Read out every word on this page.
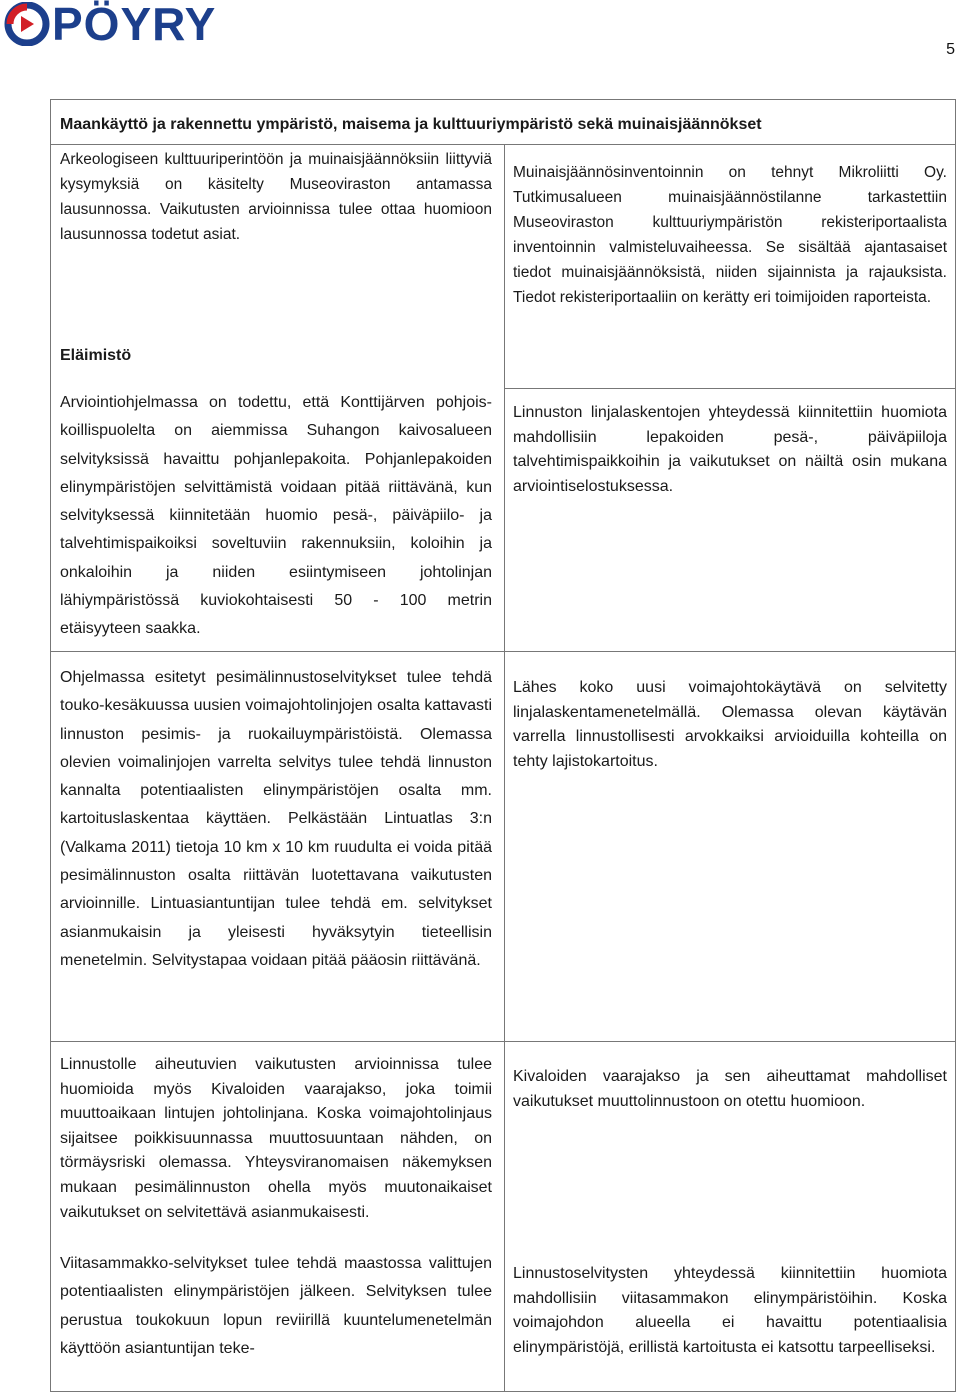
PÖYRY	5
Maankäyttö ja rakennettu ympäristö, maisema ja kulttuuriympäristö sekä muinaisjäännökset
Arkeologiseen kulttuuriperintöön ja muinaisjäännöksiin liittyviä kysymyksiä on käsitelty Museoviraston antamassa lausunnossa. Vaikutusten arvioinnissa tulee ottaa huomioon lausunnossa todetut asiat.
Muinaisjäännösinventoinnin on tehnyt Mikroliitti Oy. Tutkimusalueen muinaisjäännöstilanne tarkastettiin Museoviraston kulttuuriympäristön rekisteriportaalista inventoinnin valmisteluvaiheessa. Se sisältää ajantasaiset tiedot muinaisjäännöksistä, niiden sijainnista ja rajauksista. Tiedot rekisteriportaaliin on kerätty eri toimijoiden raporteista.
Eläimistö
Arviointiohjelmassa on todettu, että Konttijärven pohjois-koillispuolelta on aiemmissa Suhangon kaivosalueen selvityksissä havaittu pohjanlepakoita. Pohjanlepakoiden elinympäristöjen selvittämistä voidaan pitää riittävänä, kun selvityksessä kiinnitetään huomio pesä-, päiväpiilo- ja talvehtimispaikoiksi soveltuviin rakennuksiin, koloihin ja onkaloihin ja niiden esiintymiseen johtolinjan lähiympäristössä kuviokohtaisesti 50 - 100 metrin etäisyyteen saakka.
Linnuston linjalaskentojen yhteydessä kiinnitettiin huomiota mahdollisiin lepakoiden pesä-, päiväpiiloja talvehtimispaikkoihin ja vaikutukset on näiltä osin mukana arviointiselostuksessa.
Ohjelmassa esitetyt pesimälinnustoselvitykset tulee tehdä touko-kesäkuussa uusien voimajohtolinjojen osalta kattavasti linnuston pesimis- ja ruokailuympäristöistä. Olemassa olevien voimalinjojen varrelta selvitys tulee tehdä linnuston kannalta potentiaalisten elinympäristöjen osalta mm. kartoituslaskentaa käyttäen. Pelkästään Lintuatlas 3:n (Valkama 2011) tietoja 10 km x 10 km ruudulta ei voida pitää pesimälinnuston osalta riittävän luotettavana vaikutusten arvioinnille. Lintuasiantuntijan tulee tehdä em. selvitykset asianmukaisin ja yleisesti hyväksytyin tieteellisin menetelmin. Selvitystapaa voidaan pitää pääosin riittävänä.
Lähes koko uusi voimajohtokäytävä on selvitetty linjalaskentamenetelmällä. Olemassa olevan käytävän varrella linnustollisesti arvokkaiksi arvioiduilla kohteilla on tehty lajistokartoitus.
Linnustolle aiheutuvien vaikutusten arvioinnissa tulee huomioida myös Kivaloiden vaarajakso, joka toimii muuttoaikaan lintujen johtolinjana. Koska voimajohtolinjaus sijaitsee poikkisuunnassa muuttosuuntaan nähden, on törmäysriski olemassa. Yhteysviranomaisen näkemyksen mukaan pesimälinnuston ohella myös muutonaikaiset vaikutukset on selvitettävä asianmukaisesti.
Kivaloiden vaarajakso ja sen aiheuttamat mahdolliset vaikutukset muuttolinnustoon on otettu huomioon.
Viitasammakko-selvitykset tulee tehdä maastossa valittujen potentiaalisten elinympäristöjen jälkeen. Selvityksen tulee perustua toukokuun lopun reviirillä kuuntelumenetelmän käyttöön asiantuntijan teke-
Linnustoselvitysten yhteydessä kiinnitettiin huomiota mahdollisiin viitasammakon elinympäristöihin. Koska voimajohdon alueella ei havaittu potentiaalisia elinympäristöjä, erillistä kartoitusta ei katsottu tarpeelliseksi.
